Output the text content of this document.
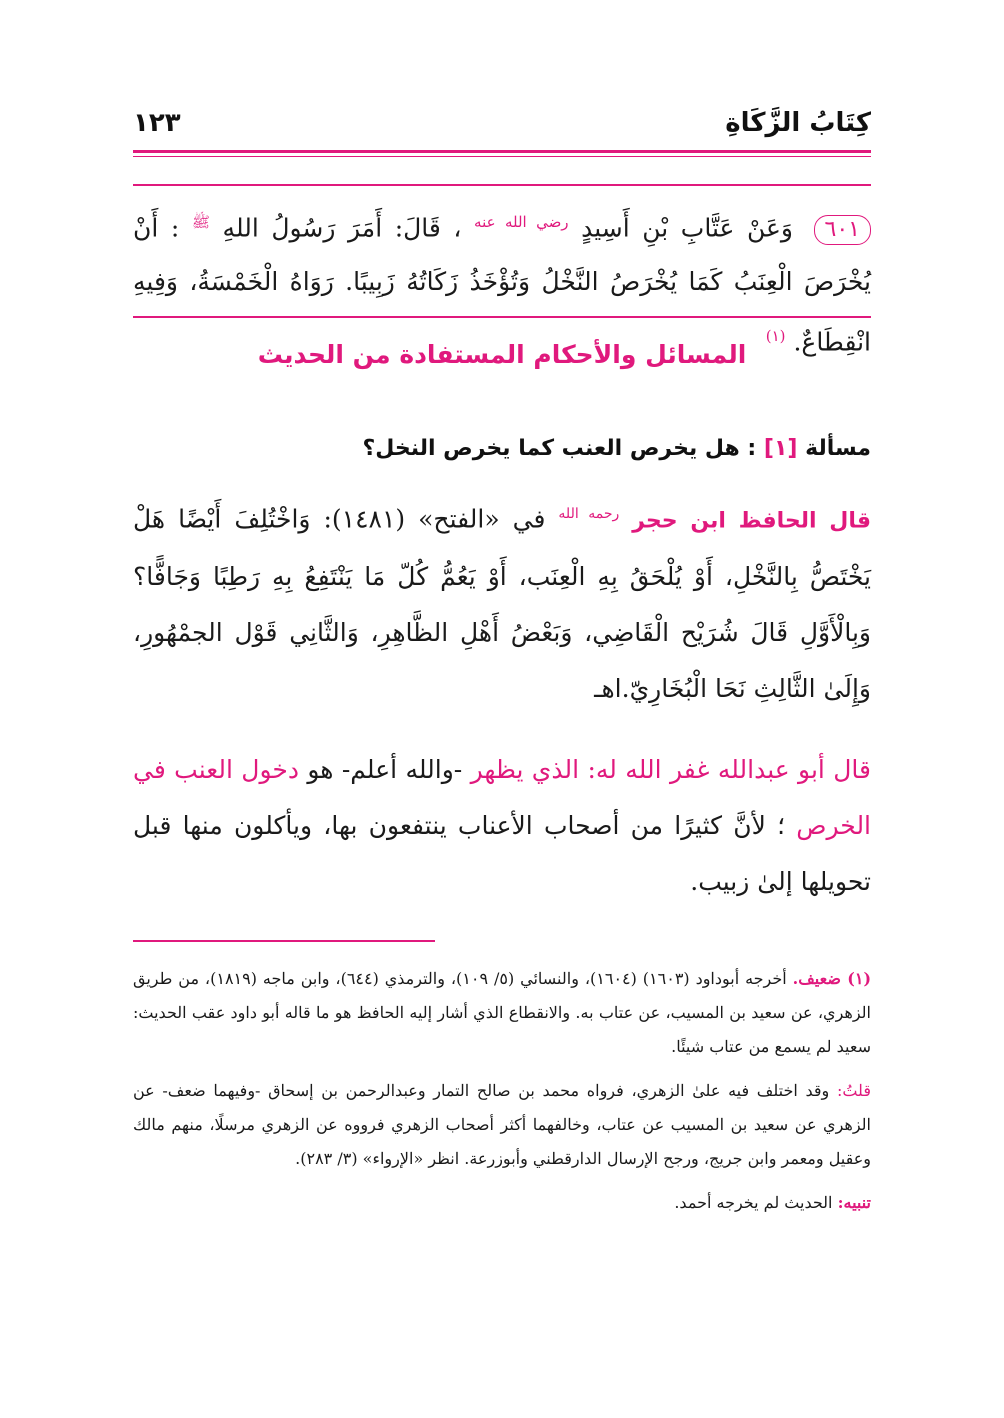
كِتَابُ الزَّكَاةِ
١٢٣
٦٠١ وَعَنْ عَتَّابِ بْنِ أَسِيدٍ $^{رضي الله عنه}$ ، قَالَ: أَمَرَ رَسُولُ اللهِ $^ﷺ$ : أَنْ يُخْرَصَ الْعِنَبُ كَمَا يُخْرَصُ النَّخْلُ وَتُؤْخَذُ زَكَاتُهُ زَبِيبًا. رَوَاهُ الْخَمْسَةُ، وَفِيهِ انْقِطَاعٌ. $^{(١)}$
المسائل والأحكام المستفادة من الحديث
مسألة [١] : هل يخرص العنب كما يخرص النخل؟
قال الحافظ ابن حجر $^{رحمه الله}$ في «الفتح» (١٤٨١): وَاخْتُلِفَ أَيْضًا هَلْ يَخْتَصُّ بِالنَّخْلِ، أَوْ يُلْحَقُ بِهِ الْعِنَب، أَوْ يَعُمُّ كُلّ مَا يَنْتَفِعُ بِهِ رَطِبًا وَجَافًّا؟ وَبِالْأَوَّلِ قَالَ شُرَيْح الْقَاضِي، وَبَعْضُ أَهْلِ الظَّاهِرِ، وَالثَّانِي قَوْل الجمْهُورِ، وَإِلَىٰ الثَّالِثِ نَحَا الْبُخَارِيّ.اهـ
قال أبو عبدالله غفر الله له: الذي يظهر -والله أعلم- هو دخول العنب في الخرص ؛ لأنَّ كثيرًا من أصحاب الأعناب ينتفعون بها، ويأكلون منها قبل تحويلها إلىٰ زبيب.

(١) ضعيف. أخرجه أبوداود (١٦٠٣) (١٦٠٤)، والنسائي (٥/ ١٠٩)، والترمذي (٦٤٤)، وابن ماجه (١٨١٩)، من طريق الزهري، عن سعيد بن المسيب، عن عتاب به. والانقطاع الذي أشار إليه الحافظ هو ما قاله أبو داود عقب الحديث: سعيد لم يسمع من عتاب شيئًا.

قلتُ: وقد اختلف فيه علىٰ الزهري، فرواه محمد بن صالح التمار وعبدالرحمن بن إسحاق -وفيهما ضعف- عن الزهري عن سعيد بن المسيب عن عتاب، وخالفهما أكثر أصحاب الزهري فرووه عن الزهري مرسلًا، منهم مالك وعقيل ومعمر وابن جريج، ورجح الإرسال الدارقطني وأبوزرعة. انظر «الإرواء» (٣/ ٢٨٣).

تنبيه: الحديث لم يخرجه أحمد.
